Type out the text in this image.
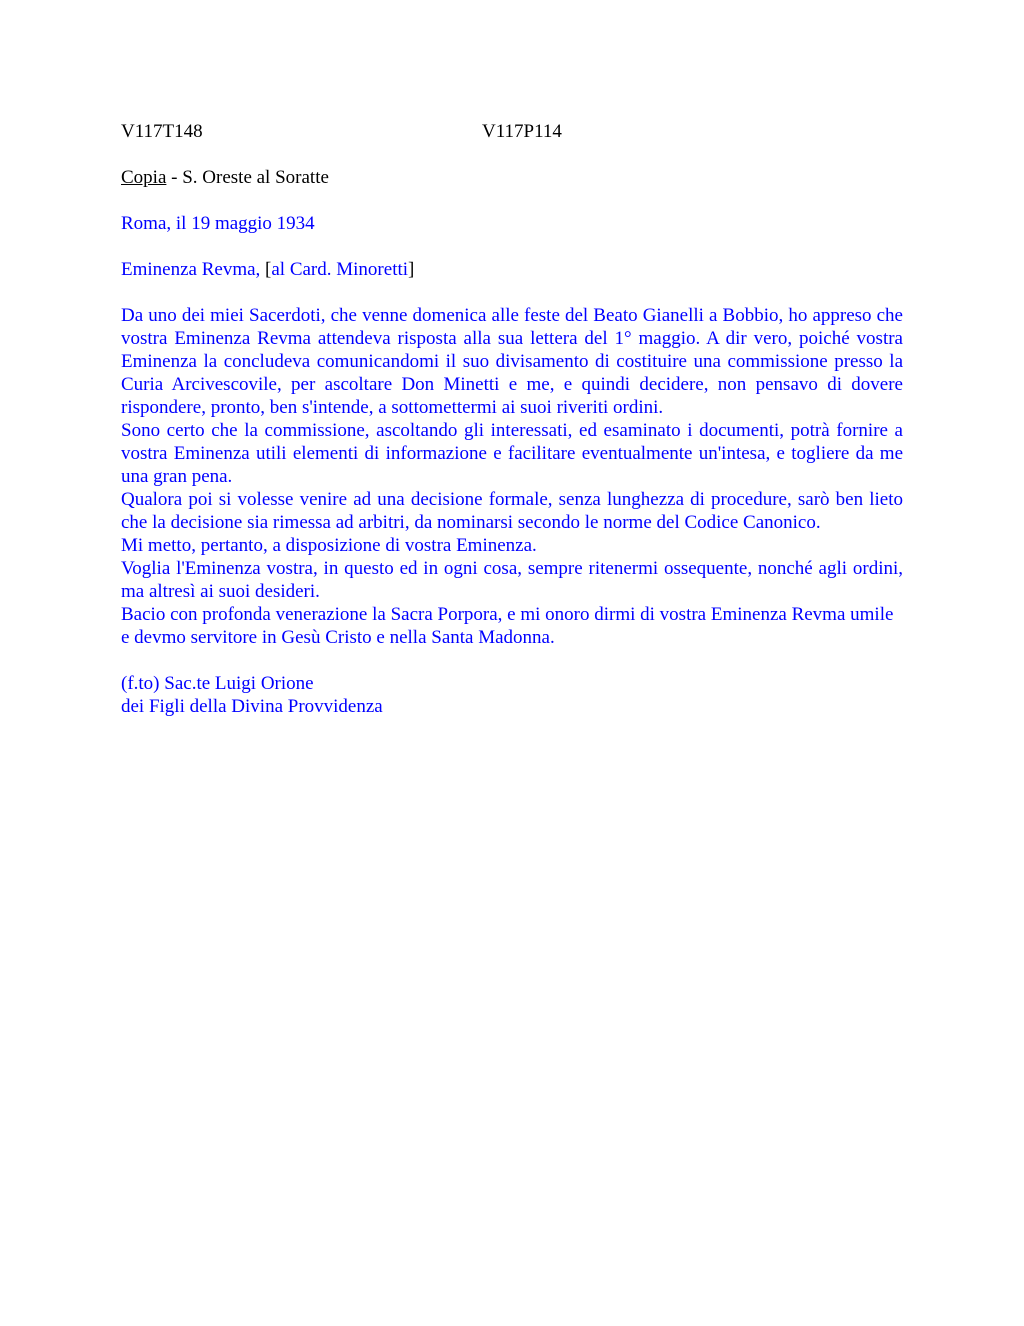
V117T148	V117P114

Copia - S. Oreste al Soratte

Roma, il 19 maggio 1934

Eminenza Revma, [al Card. Minoretti]

Da uno dei miei Sacerdoti, che venne domenica alle feste del Beato Gianelli a Bobbio, ho appreso che vostra Eminenza Revma attendeva risposta alla sua lettera del 1° maggio. A dir vero, poiché vostra Eminenza la concludeva comunicandomi il suo divisamento di costituire una commissione presso la Curia Arcivescovile, per ascoltare Don Minetti e me, e quindi decidere, non pensavo di dovere rispondere, pronto, ben s'intende, a sottomettermi ai suoi riveriti ordini.

Sono certo che la commissione, ascoltando gli interessati, ed esaminato i documenti, potrà fornire a vostra Eminenza utili elementi di informazione e facilitare eventualmente un'intesa, e togliere da me una gran pena.

Qualora poi si volesse venire ad una decisione formale, senza lunghezza di procedure, sarò ben lieto che la decisione sia rimessa ad arbitri, da nominarsi secondo le norme del Codice Canonico.

Mi metto, pertanto, a disposizione di vostra Eminenza.

Voglia l'Eminenza vostra, in questo ed in ogni cosa, sempre ritenermi ossequente, nonché agli ordini, ma altresì ai suoi desideri.

Bacio con profonda venerazione la Sacra Porpora, e mi onoro dirmi di vostra Eminenza Revma umile e devmo servitore in Gesù Cristo e nella Santa Madonna.

(f.to) Sac.te Luigi Orione

dei Figli della Divina Provvidenza
